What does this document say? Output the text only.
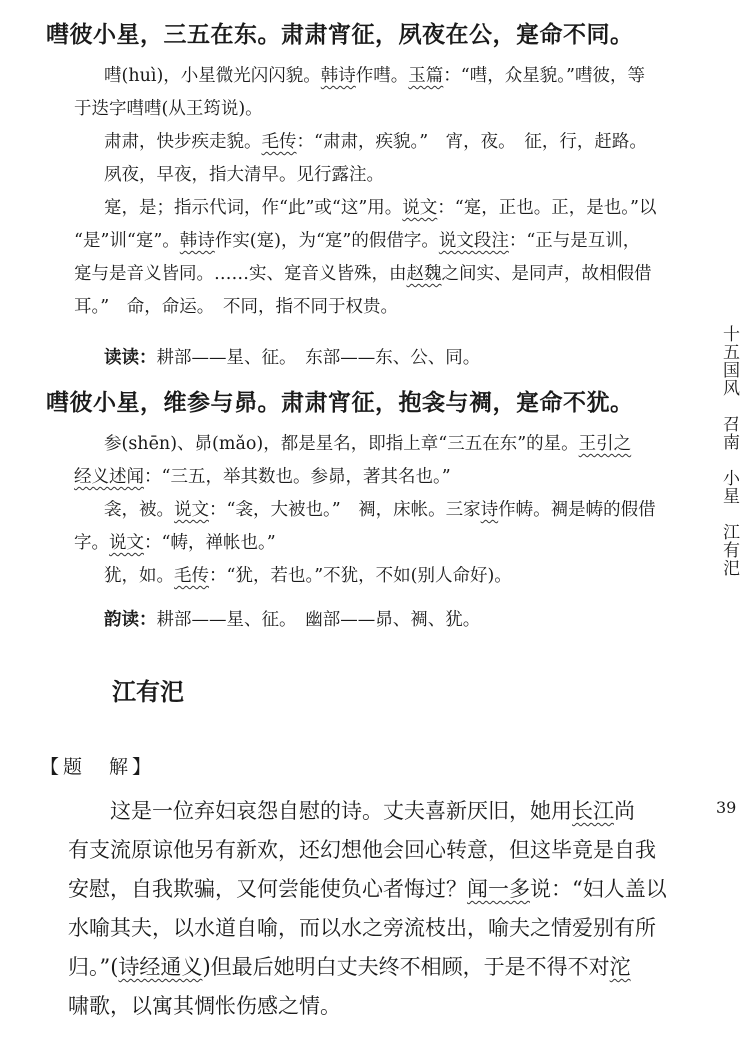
嘒彼小星，三五在东。肃肃宵征，夙夜在公，寔命不同。
嘒(huì)，小星微光闪闪貌。韩诗作嘒。玉篇：“嘒，众星貌。”嘒彼，等
于迭字嘒嘒(从王筠说)。
肃肃，快步疾走貌。毛传：“肃肃，疾貌。”　宵，夜。　征，行，赶路。
夙夜，早夜，指大清早。见行露注。
寔，是；指示代词，作“此”或“这”用。说文：“寔，正也。正，是也。”以
“是”训“寔”。韩诗作实(寔)，为“寔”的假借字。说文段注：“正与是互训，
寔与是音义皆同。……实、寔音义皆殊，由赵魏之间实、是同声，故相假借
耳。”　命，命运。　不同，指不同于权贵。
读读：耕部——星、征。　东部——东、公、同。
嘒彼小星，维参与昴。肃肃宵征，抱衾与裯，寔命不犹。
参(shēn)、昴(mǎo)，都是星名，即指上章“三五在东”的星。王引之
经义述闻：“三五，举其数也。参昴，著其名也。”
衾，被。说文：“衾，大被也。”　裯，床帐。三家诗作帱。裯是帱的假借
字。说文：“帱，禅帐也。”
犹，如。毛传：“犹，若也。”不犹，不如(别人命好)。
韵读：耕部——星、征。　幽部——昴、裯、犹。
江有汜
【题　解】
这是一位弃妇哀怨自慰的诗。丈夫喜新厌旧，她用长江尚
有支流原谅他另有新欢，还幻想他会回心转意，但这毕竟是自我
安慰，自我欺骗，又何尝能使负心者悔过？闻一多说：“妇人盖以
水喻其夫，以水道自喻，而以水之旁流枝出，喻夫之情爱别有所
归。”(诗经通义)但最后她明白丈夫终不相顾，于是不得不对沱
啸歌，以寓其惆怅伤感之情。
十五国风　召南　小星　江有汜
39
